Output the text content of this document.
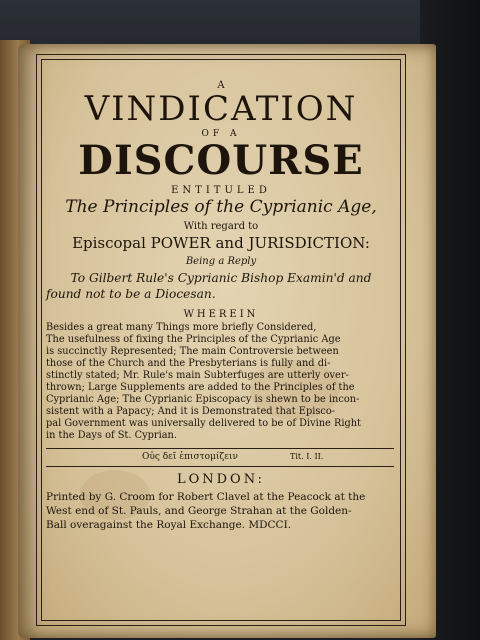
A

VINDICATION

OF A

DISCOURSE

ENTITULED

The Principles of the Cyprianic Age,

With regard to

Episcopal POWER and JURISDICTION:

Being a Reply

To Gilbert Rule's Cyprianic Bishop Examin'd and

found not to be a Diocesan.

WHEREIN

Besides a great many Things more briefly Considered,

The usefulness of fixing the Principles of the Cyprianic Age

is succinctly Represented; The main Controversie between

those of the Church and the Presbyterians is fully and di-

stinctly stated; Mr. Rule's main Subterfuges are utterly over-

thrown; Large Supplements are added to the Principles of the

Cyprianic Age; The Cyprianic Episcopacy is shewn to be incon-

sistent with a Papacy; And it is Demonstrated that Episco-

pal Government was universally delivered to be of Divine Right

in the Days of St. Cyprian.

Οὐς δεῖ ἐπιστομίζειν	Tit. I. II.

LONDON:

Printed by G. Croom for Robert Clavel at the Peacock at the

West end of St. Pauls, and George Strahan at the Golden-

Ball overagainst the Royal Exchange. MDCCI.
